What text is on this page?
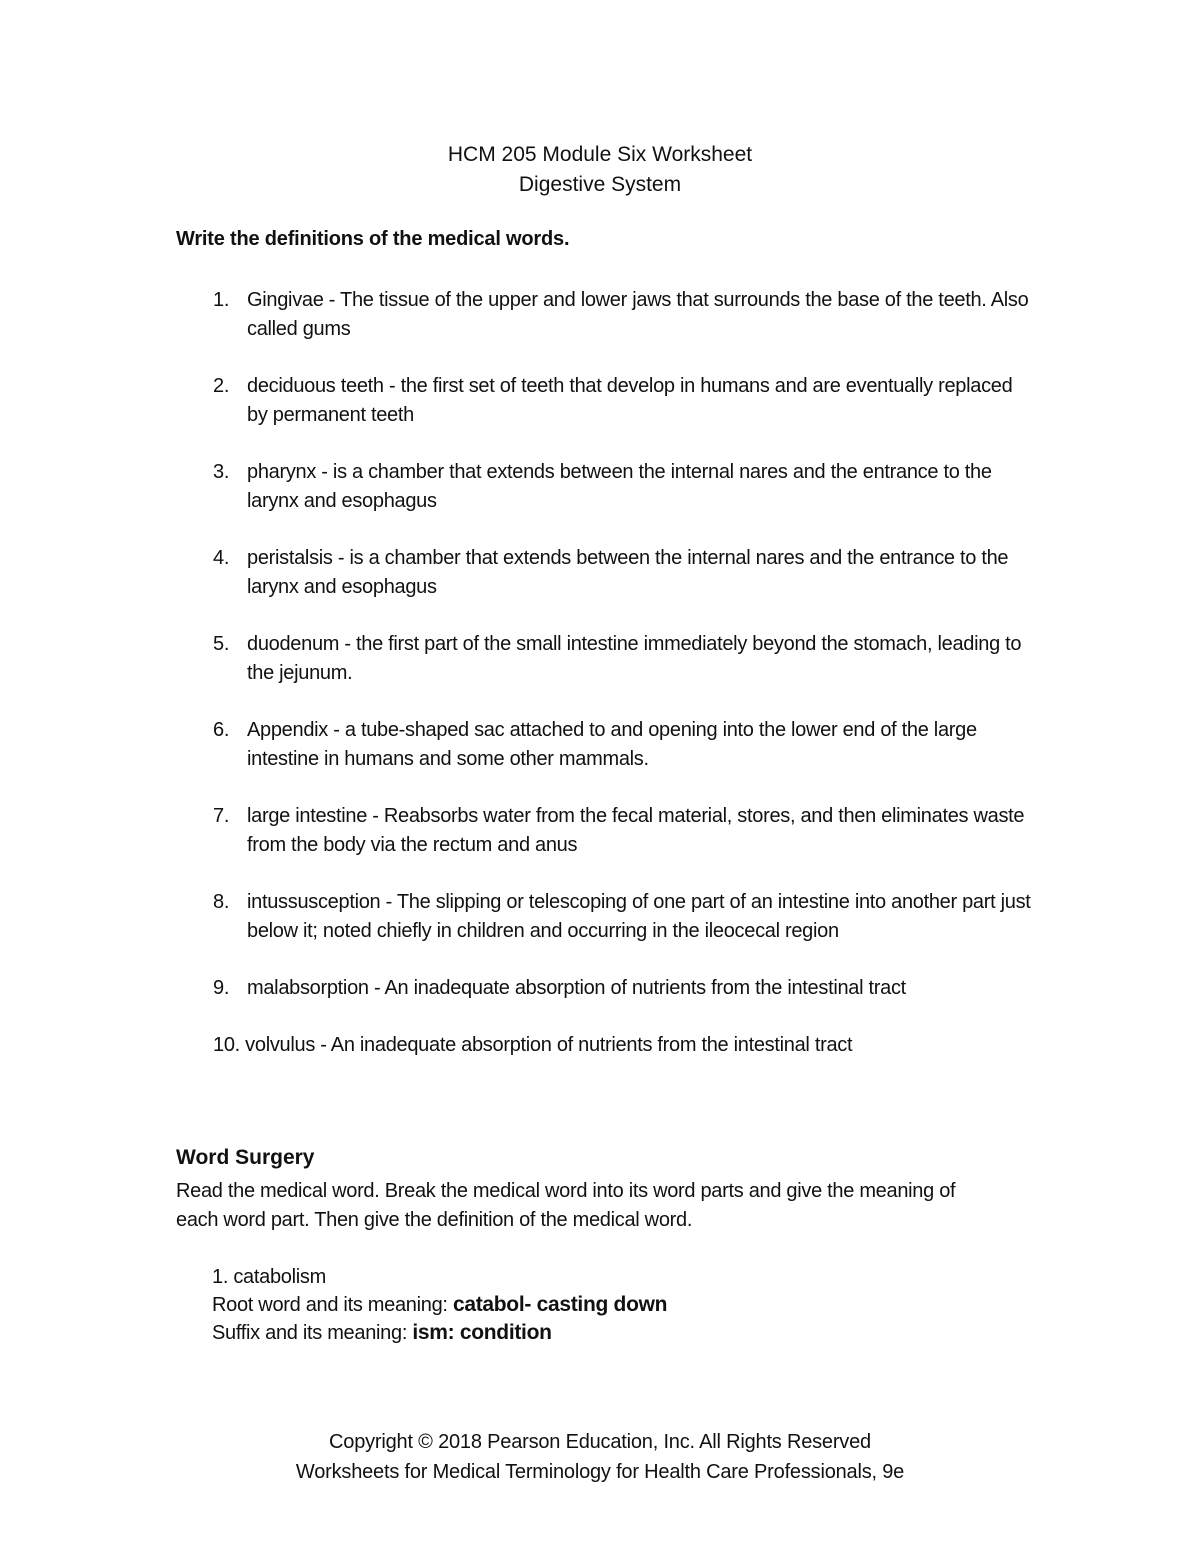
HCM 205 Module Six Worksheet
Digestive System
Write the definitions of the medical words.
1. Gingivae - The tissue of the upper and lower jaws that surrounds the base of the teeth. Also called gums
2. deciduous teeth - the first set of teeth that develop in humans and are eventually replaced by permanent teeth
3. pharynx - is a chamber that extends between the internal nares and the entrance to the larynx and esophagus
4. peristalsis - is a chamber that extends between the internal nares and the entrance to the larynx and esophagus
5. duodenum - the first part of the small intestine immediately beyond the stomach, leading to the jejunum.
6. Appendix - a tube-shaped sac attached to and opening into the lower end of the large intestine in humans and some other mammals.
7. large intestine - Reabsorbs water from the fecal material, stores, and then eliminates waste from the body via the rectum and anus
8. intussusception - The slipping or telescoping of one part of an intestine into another part just below it; noted chiefly in children and occurring in the ileocecal region
9. malabsorption - An inadequate absorption of nutrients from the intestinal tract
10. volvulus - An inadequate absorption of nutrients from the intestinal tract
Word Surgery
Read the medical word. Break the medical word into its word parts and give the meaning of each word part. Then give the definition of the medical word.
1. catabolism
Root word and its meaning: catabol- casting down
Suffix and its meaning: ism: condition
Copyright © 2018 Pearson Education, Inc. All Rights Reserved
Worksheets for Medical Terminology for Health Care Professionals, 9e
